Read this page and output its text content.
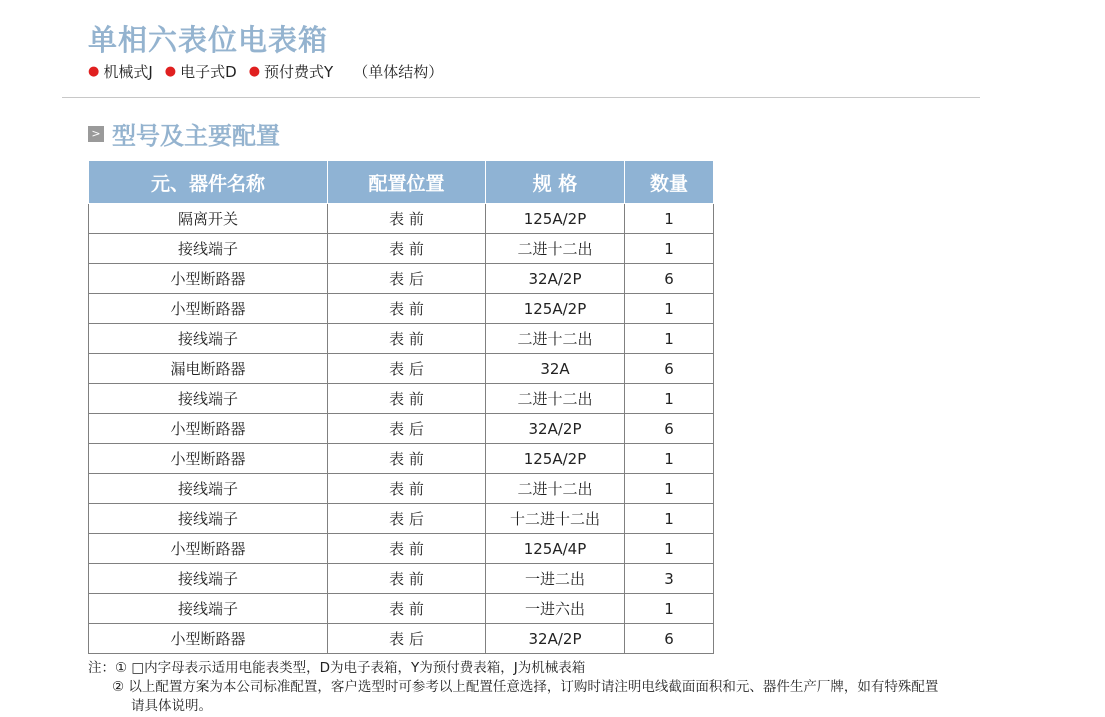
单相六表位电表箱
● 机械式J ● 电子式D ● 预付费式Y （单体结构）
> 型号及主要配置
元、器件名称	配置位置	规 格	数量
隔离开关	表 前	125A/2P	1
接线端子	表 前	二进十二出	1
小型断路器	表 后	32A/2P	6
小型断路器	表 前	125A/2P	1
接线端子	表 前	二进十二出	1
漏电断路器	表 后	32A	6
接线端子	表 前	二进十二出	1
小型断路器	表 后	32A/2P	6
小型断路器	表 前	125A/2P	1
接线端子	表 前	二进十二出	1
接线端子	表 后	十二进十二出	1
小型断路器	表 前	125A/4P	1
接线端子	表 前	一进二出	3
接线端子	表 前	一进六出	1
小型断路器	表 后	32A/2P	6
注：① □内字母表示适用电能表类型，D为电子表箱，Y为预付费表箱，J为机械表箱
② 以上配置方案为本公司标准配置，客户选型时可参考以上配置任意选择，订购时请注明电线截面面积和元、器件生产厂牌，如有特殊配置
请具体说明。
